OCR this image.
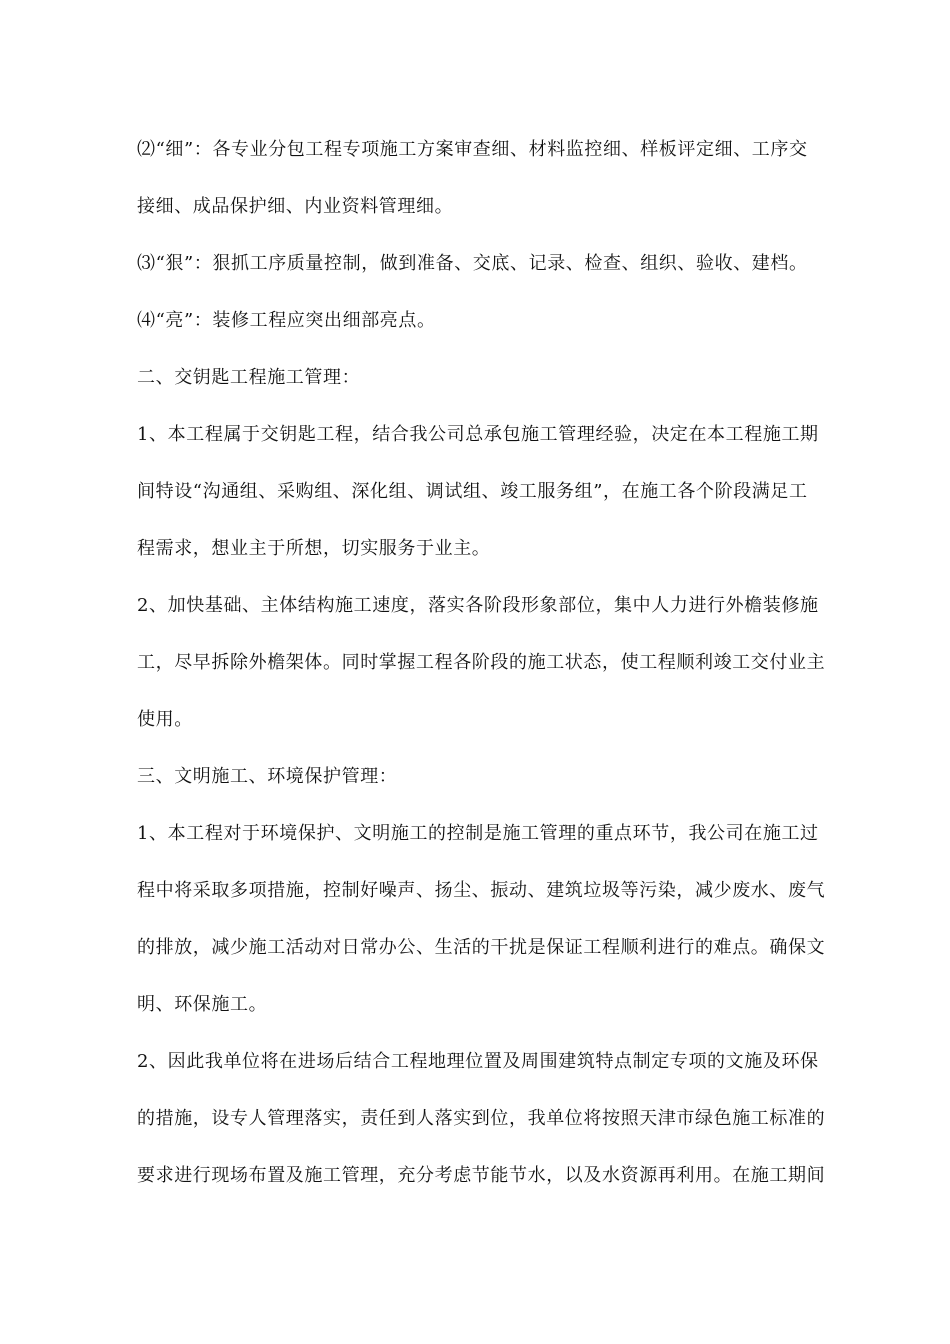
⑵“细”：各专业分包工程专项施工方案审查细、材料监控细、样板评定细、工序交
接细、成品保护细、内业资料管理细。

⑶“狠”：狠抓工序质量控制，做到准备、交底、记录、检查、组织、验收、建档。

⑷“亮”：装修工程应突出细部亮点。

二、交钥匙工程施工管理：

1、本工程属于交钥匙工程，结合我公司总承包施工管理经验，决定在本工程施工期
间特设“沟通组、采购组、深化组、调试组、竣工服务组”，在施工各个阶段满足工
程需求，想业主于所想，切实服务于业主。

2、加快基础、主体结构施工速度，落实各阶段形象部位，集中人力进行外檐装修施
工，尽早拆除外檐架体。同时掌握工程各阶段的施工状态，使工程顺利竣工交付业主
使用。

三、文明施工、环境保护管理：

1、本工程对于环境保护、文明施工的控制是施工管理的重点环节，我公司在施工过
程中将采取多项措施，控制好噪声、扬尘、振动、建筑垃圾等污染，减少废水、废气
的排放，减少施工活动对日常办公、生活的干扰是保证工程顺利进行的难点。确保文
明、环保施工。

2、因此我单位将在进场后结合工程地理位置及周围建筑特点制定专项的文施及环保
的措施，设专人管理落实，责任到人落实到位，我单位将按照天津市绿色施工标准的
要求进行现场布置及施工管理，充分考虑节能节水，以及水资源再利用。在施工期间
